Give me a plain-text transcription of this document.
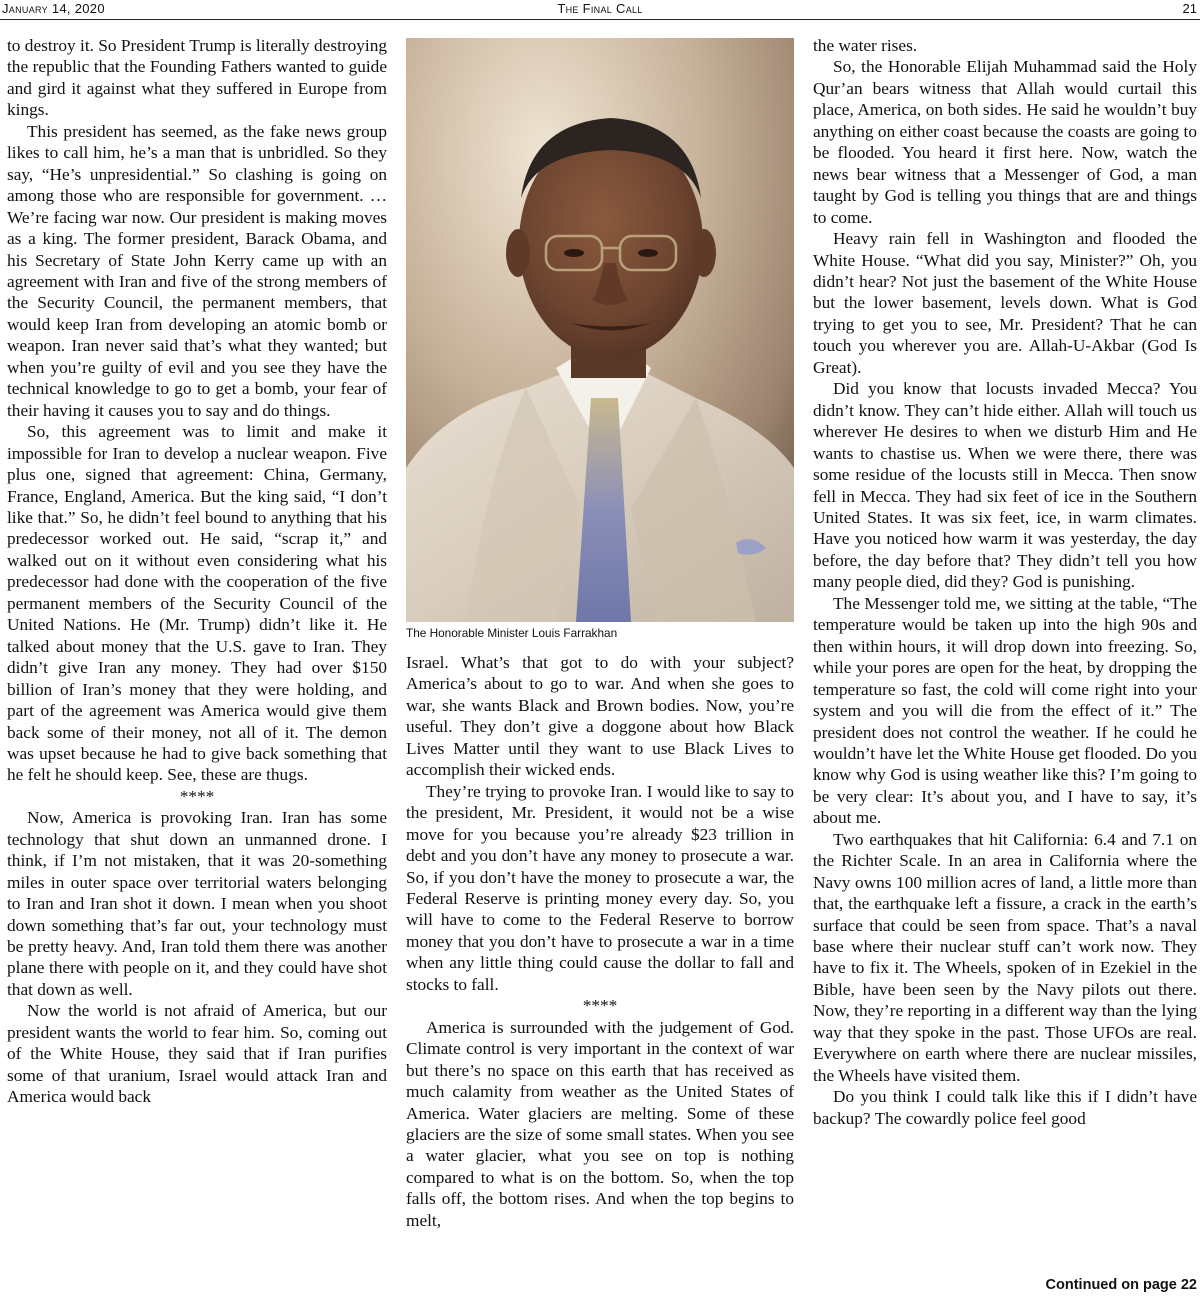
January 14, 2020	The Final Call	21

to destroy it. So President Trump is literally destroying the republic that the Founding Fathers wanted to guide and gird it against what they suffered in Europe from kings.

This president has seemed, as the fake news group likes to call him, he’s a man that is unbridled. So they say, “He’s unpresidential.” So clashing is going on among those who are responsible for government. … We’re facing war now. Our president is making moves as a king. The former president, Barack Obama, and his Secretary of State John Kerry came up with an agreement with Iran and five of the strong members of the Security Council, the permanent members, that would keep Iran from developing an atomic bomb or weapon. Iran never said that’s what they wanted; but when you’re guilty of evil and you see they have the technical knowledge to go to get a bomb, your fear of their having it causes you to say and do things.

So, this agreement was to limit and make it impossible for Iran to develop a nuclear weapon. Five plus one, signed that agreement: China, Germany, France, England, America. But the king said, “I don’t like that.” So, he didn’t feel bound to anything that his predecessor worked out. He said, “scrap it,” and walked out on it without even considering what his predecessor had done with the cooperation of the five permanent members of the Security Council of the United Nations. He (Mr. Trump) didn’t like it. He talked about money that the U.S. gave to Iran. They didn’t give Iran any money. They had over $150 billion of Iran’s money that they were holding, and part of the agreement was America would give them back some of their money, not all of it. The demon was upset because he had to give back something that he felt he should keep. See, these are thugs.

****

Now, America is provoking Iran. Iran has some technology that shut down an unmanned drone. I think, if I’m not mistaken, that it was 20-something miles in outer space over territorial waters belonging to Iran and Iran shot it down. I mean when you shoot down something that’s far out, your technology must be pretty heavy. And, Iran told them there was another plane there with people on it, and they could have shot that down as well.

Now the world is not afraid of America, but our president wants the world to fear him. So, coming out of the White House, they said that if Iran purifies some of that uranium, Israel would attack Iran and America would back

The Honorable Minister Louis Farrakhan

Israel. What’s that got to do with your subject? America’s about to go to war. And when she goes to war, she wants Black and Brown bodies. Now, you’re useful. They don’t give a doggone about how Black Lives Matter until they want to use Black Lives to accomplish their wicked ends.

They’re trying to provoke Iran. I would like to say to the president, Mr. President, it would not be a wise move for you because you’re already $23 trillion in debt and you don’t have any money to prosecute a war. So, if you don’t have the money to prosecute a war, the Federal Reserve is printing money every day. So, you will have to come to the Federal Reserve to borrow money that you don’t have to prosecute a war in a time when any little thing could cause the dollar to fall and stocks to fall.

****

America is surrounded with the judgement of God. Climate control is very important in the context of war but there’s no space on this earth that has received as much calamity from weather as the United States of America. Water glaciers are melting. Some of these glaciers are the size of some small states. When you see a water glacier, what you see on top is nothing compared to what is on the bottom. So, when the top falls off, the bottom rises. And when the top begins to melt,

the water rises.

So, the Honorable Elijah Muhammad said the Holy Qur’an bears witness that Allah would curtail this place, America, on both sides. He said he wouldn’t buy anything on either coast because the coasts are going to be flooded. You heard it first here. Now, watch the news bear witness that a Messenger of God, a man taught by God is telling you things that are and things to come.

Heavy rain fell in Washington and flooded the White House. “What did you say, Minister?” Oh, you didn’t hear? Not just the basement of the White House but the lower basement, levels down. What is God trying to get you to see, Mr. President? That he can touch you wherever you are. Allah-U-Akbar (God Is Great).

Did you know that locusts invaded Mecca? You didn’t know. They can’t hide either. Allah will touch us wherever He desires to when we disturb Him and He wants to chastise us. When we were there, there was some residue of the locusts still in Mecca. Then snow fell in Mecca. They had six feet of ice in the Southern United States. It was six feet, ice, in warm climates. Have you noticed how warm it was yesterday, the day before, the day before that? They didn’t tell you how many people died, did they? God is punishing.

The Messenger told me, we sitting at the table, “The temperature would be taken up into the high 90s and then within hours, it will drop down into freezing. So, while your pores are open for the heat, by dropping the temperature so fast, the cold will come right into your system and you will die from the effect of it.” The president does not control the weather. If he could he wouldn’t have let the White House get flooded. Do you know why God is using weather like this? I’m going to be very clear: It’s about you, and I have to say, it’s about me.

Two earthquakes that hit California: 6.4 and 7.1 on the Richter Scale. In an area in California where the Navy owns 100 million acres of land, a little more than that, the earthquake left a fissure, a crack in the earth’s surface that could be seen from space. That’s a naval base where their nuclear stuff can’t work now. They have to fix it. The Wheels, spoken of in Ezekiel in the Bible, have been seen by the Navy pilots out there. Now, they’re reporting in a different way than the lying way that they spoke in the past. Those UFOs are real. Everywhere on earth where there are nuclear missiles, the Wheels have visited them.

Do you think I could talk like this if I didn’t have backup? The cowardly police feel good

Continued on page 22
